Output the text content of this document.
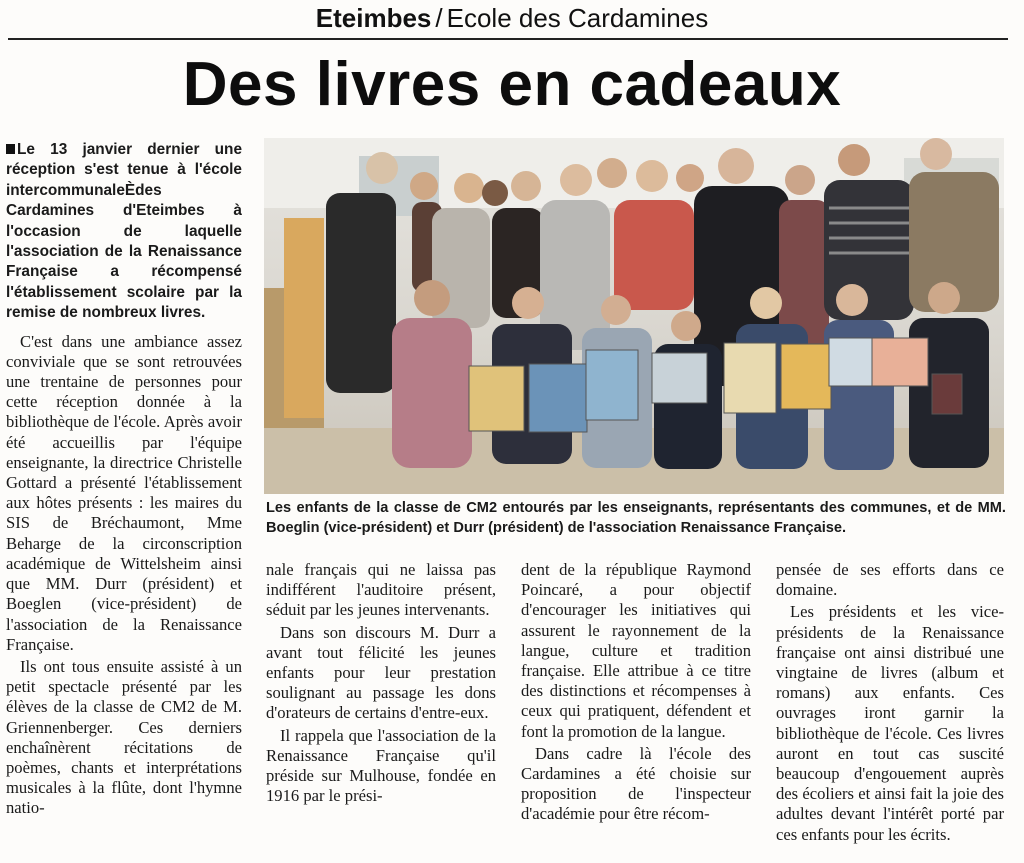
Eteimbes / Ecole des Cardamines
Des livres en cadeaux
Le 13 janvier dernier une réception s'est tenue à l'école intercommunaleÈdes Cardamines d'Eteimbes à l'occasion de laquelle l'association de la Renaissance Française a récompensé l'établissement scolaire par la remise de nombreux livres.

C'est dans une ambiance assez conviviale que se sont retrouvées une trentaine de personnes pour cette réception donnée à la bibliothèque de l'école. Après avoir été accueillis par l'équipe enseignante, la directrice Christelle Gottard a présenté l'établissement aux hôtes présents : les maires du SIS de Bréchaumont, Mme Beharge de la circonscription académique de Wittelsheim ainsi que MM. Durr (président) et Boeglen (vice-président) de l'association de la Renaissance Française.

Ils ont tous ensuite assisté à un petit spectacle présenté par les élèves de la classe de CM2 de M. Griennenberger. Ces derniers enchaînèrent récitations de poèmes, chants et interprétations musicales à la flûte, dont l'hymne natio-

Les enfants de la classe de CM2 entourés par les enseignants, représentants des communes, et de MM. Boeglin (vice-président) et Durr (président) de l'association Renaissance Française.

nale français qui ne laissa pas indifférent l'auditoire présent, séduit par les jeunes intervenants.

Dans son discours M. Durr a avant tout félicité les jeunes enfants pour leur prestation soulignant au passage les dons d'orateurs de certains d'entre-eux.

Il rappela que l'association de la Renaissance Française qu'il préside sur Mulhouse, fondée en 1916 par le prési-

dent de la république Raymond Poincaré, a pour objectif d'encourager les initiatives qui assurent le rayonnement de la langue, culture et tradition française. Elle attribue à ce titre des distinctions et récompenses à ceux qui pratiquent, défendent et font la promotion de la langue.

Dans cadre là l'école des Cardamines a été choisie sur proposition de l'inspecteur d'académie pour être récom-

pensée de ses efforts dans ce domaine.

Les présidents et les vice-présidents de la Renaissance française ont ainsi distribué une vingtaine de livres (album et romans) aux enfants. Ces ouvrages iront garnir la bibliothèque de l'école. Ces livres auront en tout cas suscité beaucoup d'engouement auprès des écoliers et ainsi fait la joie des adultes devant l'intérêt porté par ces enfants pour les écrits.
